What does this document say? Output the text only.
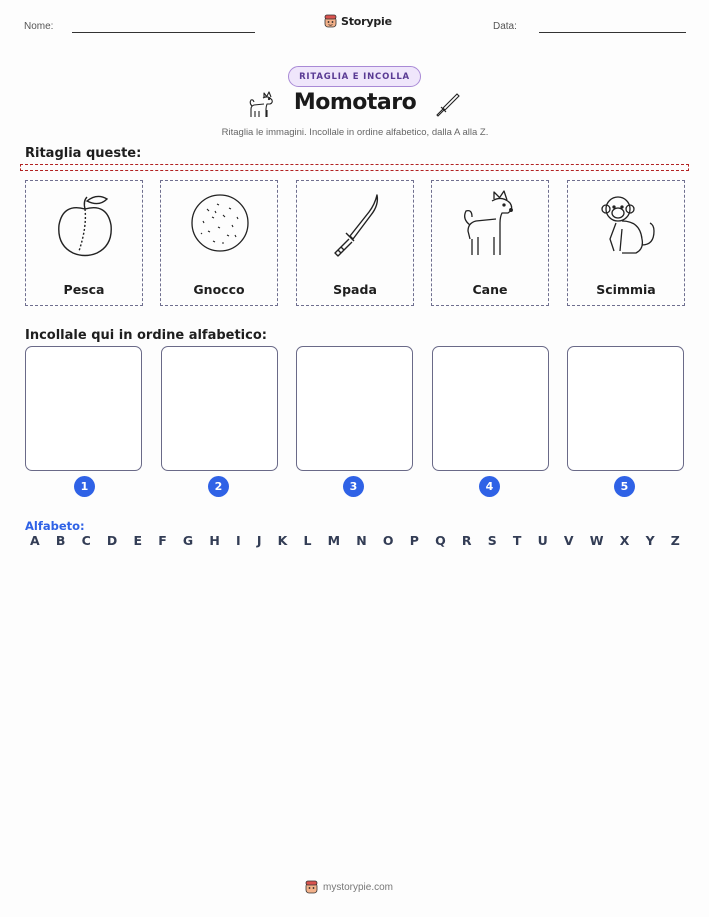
Nome:	Storypie	Data:
RITAGLIA E INCOLLA
Momotaro
Ritaglia le immagini. Incollale in ordine alfabetico, dalla A alla Z.
Ritaglia queste:
Pesca	Gnocco	Spada	Cane	Scimmia
Incollale qui in ordine alfabetico:
1	2	3	4	5
Alfabeto:
A B C D E F G H I J K L M N O P Q R S T U V W X Y Z
mystorypie.com
